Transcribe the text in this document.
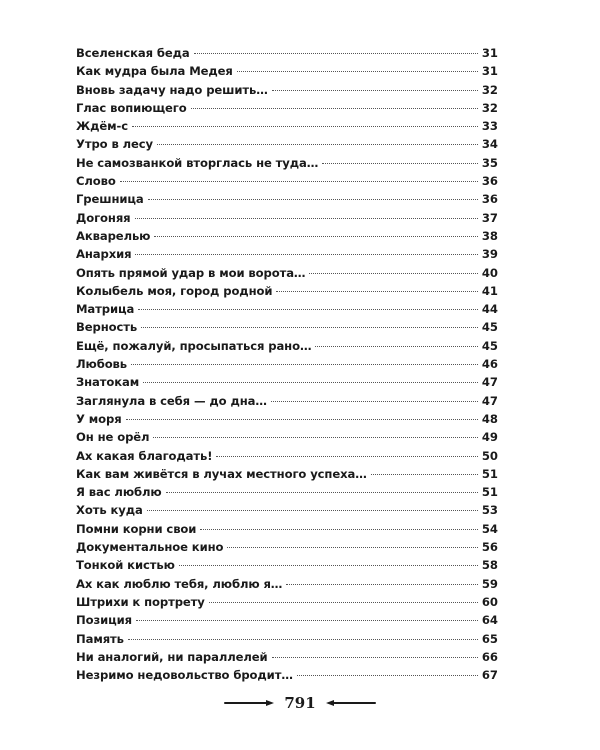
Вселенская беда	31
Как мудра была Медея	31
Вновь задачу надо решить…	32
Глас вопиющего	32
Ждём-с	33
Утро в лесу	34
Не самозванкой вторглась не туда…	35
Слово	36
Грешница	36
Догоняя	37
Акварелью	38
Анархия	39
Опять прямой удар в мои ворота…	40
Колыбель моя, город родной	41
Матрица	44
Верность	45
Ещё, пожалуй, просыпаться рано…	45
Любовь	46
Знатокам	47
Заглянула в себя — до дна…	47
У моря	48
Он не орёл	49
Ах какая благодать!	50
Как вам живётся в лучах местного успеха…	51
Я вас люблю	51
Хоть куда	53
Помни корни свои	54
Документальное кино	56
Тонкой кистью	58
Ах как люблю тебя, люблю я…	59
Штрихи к портрету	60
Позиция	64
Память	65
Ни аналогий, ни параллелей	66
Незримо недовольство бродит…	67
791
